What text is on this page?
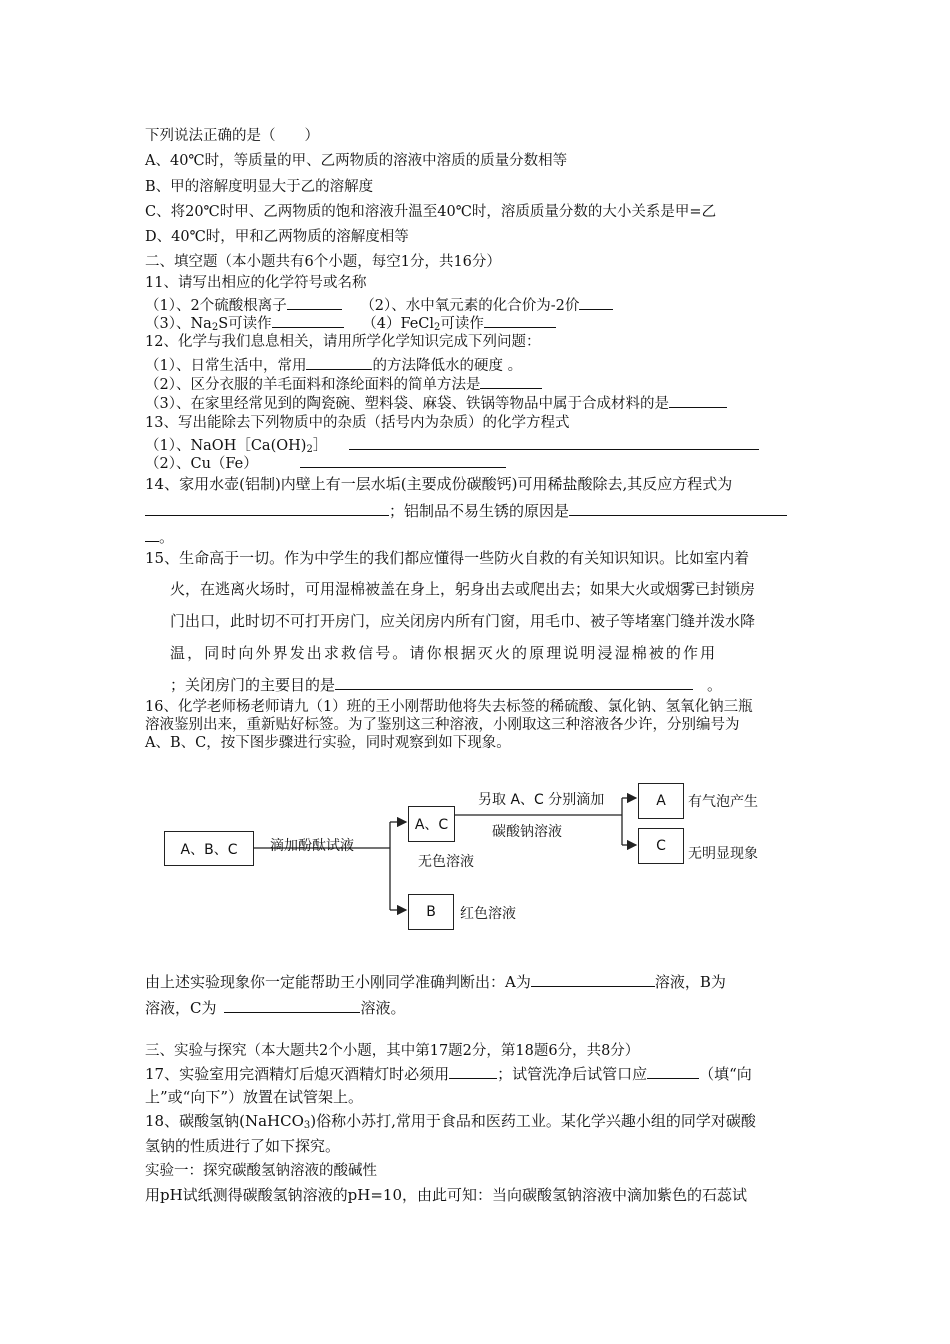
下列说法正确的是（　　）
A、40℃时，等质量的甲、乙两物质的溶液中溶质的质量分数相等
B、甲的溶解度明显大于乙的溶解度
C、将20℃时甲、乙两物质的饱和溶液升温至40℃时，溶质质量分数的大小关系是甲=乙
D、40℃时，甲和乙两物质的溶解度相等
二、填空题（本小题共有6个小题，每空1分，共16分）
11、请写出相应的化学符号或名称
（1）、2个硫酸根离子	（2）、水中氧元素的化合价为-2价
（3）、$Na_2S$可读作	（4）FeCl$_2$可读作
12、化学与我们息息相关，请用所学化学知识完成下列问题：
（1）、日常生活中，常用	的方法降低水的硬度 。
（2）、区分衣服的羊毛面料和涤纶面料的简单方法是
（3）、在家里经常见到的陶瓷碗、塑料袋、麻袋、铁锅等物品中属于合成材料的是
13、写出能除去下列物质中的杂质（括号内为杂质）的化学方程式
（1）、$NaOH[Ca(OH)_2]$
（2）、Cu（Fe）
14、家用水壶(铝制)内壁上有一层水垢(主要成份碳酸钙)可用稀盐酸除去,其反应方程式为
；铝制品不易生锈的原因是
。
15、生命高于一切。作为中学生的我们都应懂得一些防火自救的有关知识知识。比如室内着
火，在逃离火场时，可用湿棉被盖在身上，躬身出去或爬出去；如果大火或烟雾已封锁房
门出口，此时切不可打开房门，应关闭房内所有门窗，用毛巾、被子等堵塞门缝并泼水降
温，同时向外界发出求救信号。请你根据灭火的原理说明浸湿棉被的作用
；关闭房门的主要目的是	。
16、化学老师杨老师请九（1）班的王小刚帮助他将失去标签的稀硫酸、氯化钠、氢氧化钠三瓶
溶液鉴别出来，重新贴好标签。为了鉴别这三种溶液，小刚取这三种溶液各少许，分别编号为
A、B、C，按下图步骤进行实验，同时观察到如下现象。
A、B、C	滴加酚酞试液
A、C
无色溶液
B	红色溶液
另取 A、C 分别滴加
碳酸钠溶液
A	有气泡产生
C	无明显现象
由上述实验现象你一定能帮助王小刚同学准确判断出：A为	溶液，B为
溶液，C为	溶液。
三、实验与探究（本大题共2个小题，其中第17题2分，第18题6分，共8分）
17、实验室用完酒精灯后熄灭酒精灯时必须用	；试管洗净后试管口应	（填“向
上”或“向下”）放置在试管架上。
18、碳酸氢钠(NaHCO$_3$)俗称小苏打,常用于食品和医药工业。某化学兴趣小组的同学对碳酸
氢钠的性质进行了如下探究。
实验一：探究碳酸氢钠溶液的酸碱性
用pH试纸测得碳酸氢钠溶液的pH=10，由此可知：当向碳酸氢钠溶液中滴加紫色的石蕊试
